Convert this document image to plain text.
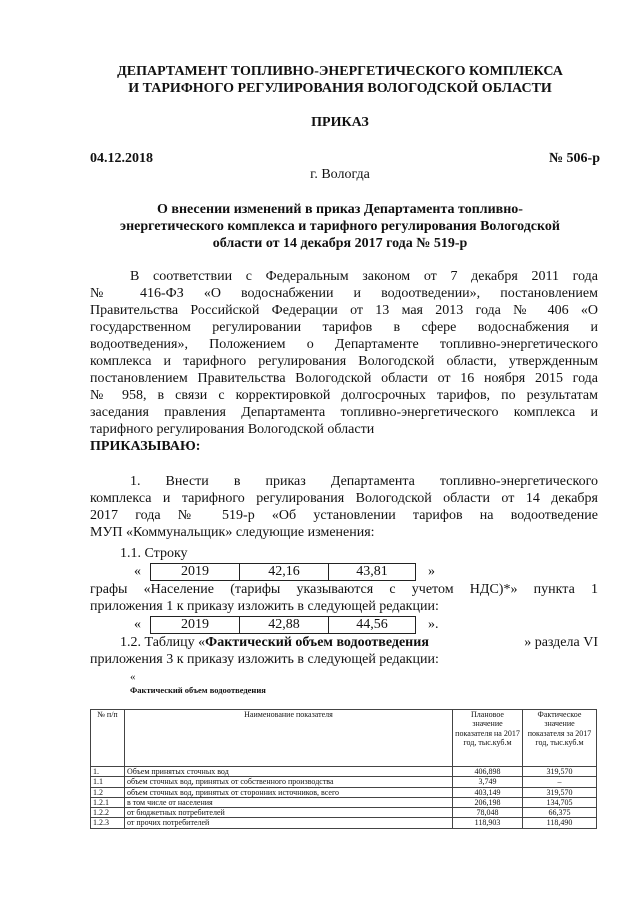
ДЕПАРТАМЕНТ ТОПЛИВНО-ЭНЕРГЕТИЧЕСКОГО КОМПЛЕКСА
И ТАРИФНОГО РЕГУЛИРОВАНИЯ ВОЛОГОДСКОЙ ОБЛАСТИ
ПРИКАЗ
04.12.2018	№ 506-р
г. Вологда
О внесении изменений в приказ Департамента топливно-
энергетического комплекса и тарифного регулирования Вологодской
области от 14 декабря 2017 года № 519-р
В соответствии с Федеральным законом от 7 декабря 2011 года
№ 416-ФЗ «О водоснабжении и водоотведении», постановлением
Правительства Российской Федерации от 13 мая 2013 года № 406 «О
государственном регулировании тарифов в сфере водоснабжения и
водоотведения», Положением о Департаменте топливно-энергетического
комплекса и тарифного регулирования Вологодской области, утвержденным
постановлением Правительства Вологодской области от 16 ноября 2015 года
№ 958, в связи с корректировкой долгосрочных тарифов, по результатам
заседания правления Департамента топливно-энергетического комплекса и
тарифного регулирования Вологодской области
ПРИКАЗЫВАЮ:
1. Внести в приказ Департамента топливно-энергетического
комплекса и тарифного регулирования Вологодской области от 14 декабря
2017 года № 519-р «Об установлении тарифов на водоотведение
МУП «Коммунальщик» следующие изменения:
1.1. Строку
«	2019	42,16	43,81	»
графы «Население (тарифы указываются с учетом НДС)*» пункта 1
приложения 1 к приказу изложить в следующей редакции:
«	2019	42,88	44,56	».
1.2. Таблицу «Фактический объем водоотведения	» раздела VI
приложения 3 к приказу изложить в следующей редакции:
«
Фактический объем водоотведения
№ п/п	Наименование показателя	Плановое значение показателя на 2017 год, тыс.куб.м	Фактическое значение показателя за 2017 год, тыс.куб.м
1.	Объем принятых сточных вод	406,898	319,570
1.1	объем сточных вод, принятых от собственного производства	3,749	–
1.2	объем сточных вод, принятых от сторонних источников, всего	403,149	319,570
1.2.1	в том числе от населения	206,198	134,705
1.2.2	от бюджетных потребителей	78,048	66,375
1.2.3	от прочих потребителей	118,903	118,490
